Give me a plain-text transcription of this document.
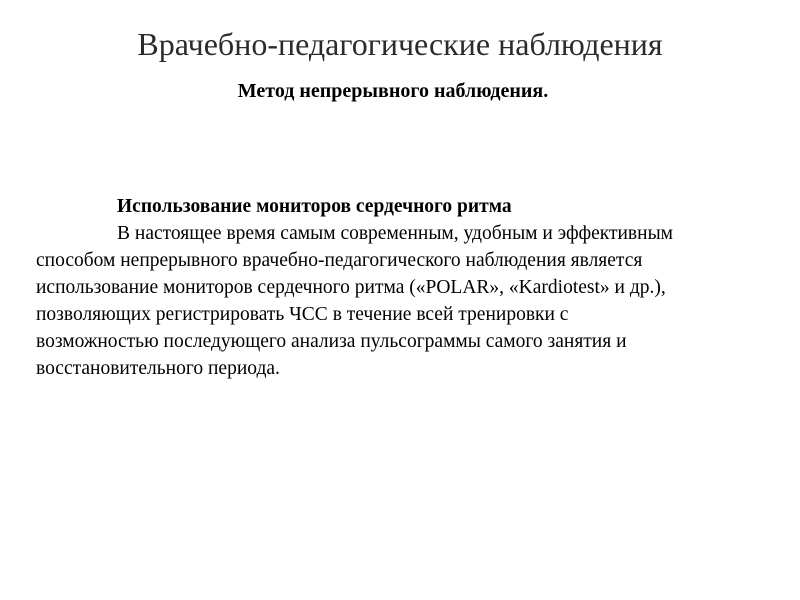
Врачебно-педагогические наблюдения
Метод непрерывного наблюдения.
Использование мониторов сердечного ритма
В настоящее время самым современным, удобным и эффективным
способом непрерывного врачебно-педагогического наблюдения является
использование мониторов сердечного ритма («POLAR», «Kardiotest» и др.),
позволяющих регистрировать ЧСС в течение всей тренировки с
возможностью последующего анализа пульсограммы самого занятия и
восстановительного периода.
